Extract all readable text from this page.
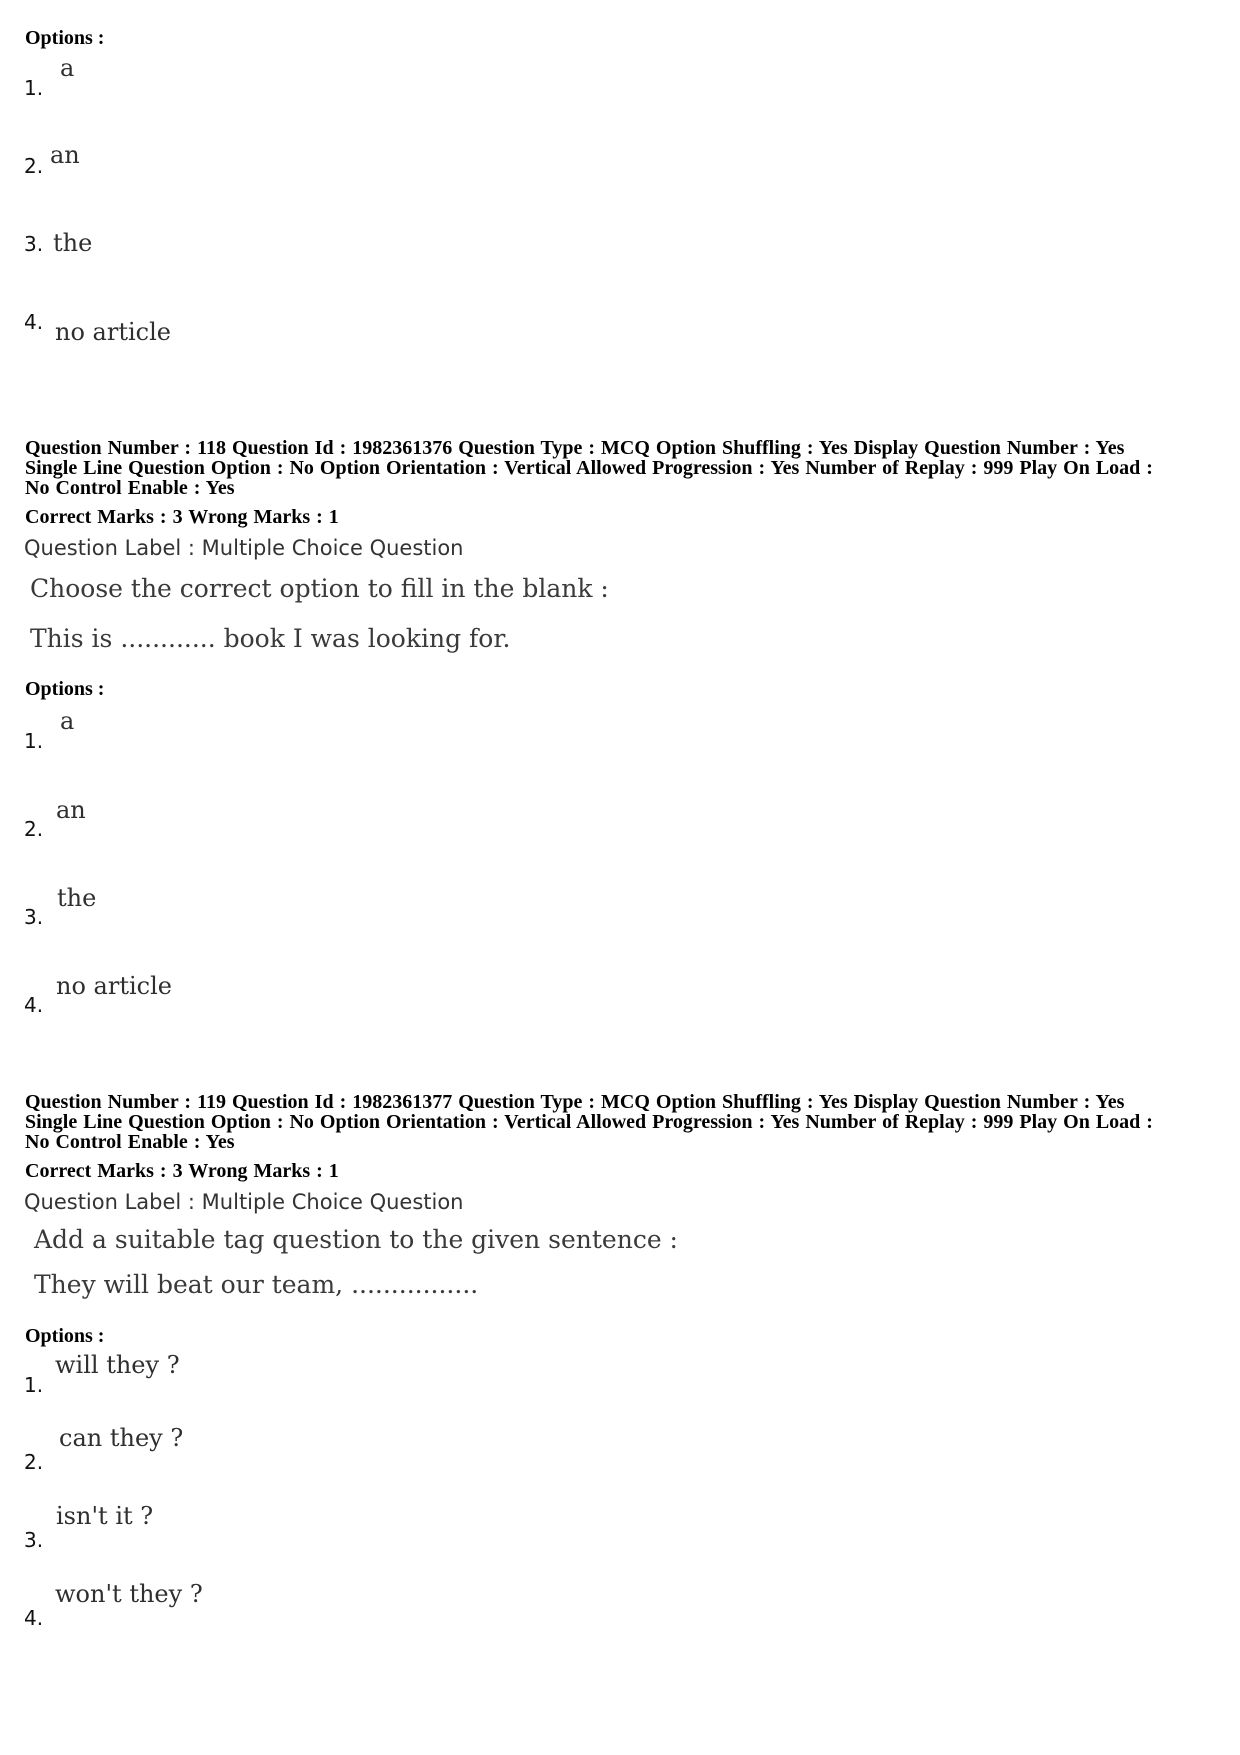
Options :
1.
a
2. an
3. the
4. no article
Question Number : 118 Question Id : 1982361376 Question Type : MCQ Option Shuffling : Yes Display Question Number : Yes
Single Line Question Option : No Option Orientation : Vertical Allowed Progression : Yes Number of Replay : 999 Play On Load :
No Control Enable : Yes
Correct Marks : 3 Wrong Marks : 1
Question Label : Multiple Choice Question
Choose the correct option to fill in the blank :
This is ............ book I was looking for.
Options :
1.
a
2.
an
3.
the
4.
no article
Question Number : 119 Question Id : 1982361377 Question Type : MCQ Option Shuffling : Yes Display Question Number : Yes
Single Line Question Option : No Option Orientation : Vertical Allowed Progression : Yes Number of Replay : 999 Play On Load :
No Control Enable : Yes
Correct Marks : 3 Wrong Marks : 1
Question Label : Multiple Choice Question
Add a suitable tag question to the given sentence :
They will beat our team, ................
Options :
1.
will they ?
2.
can they ?
3.
isn't it ?
4.
won't they ?
